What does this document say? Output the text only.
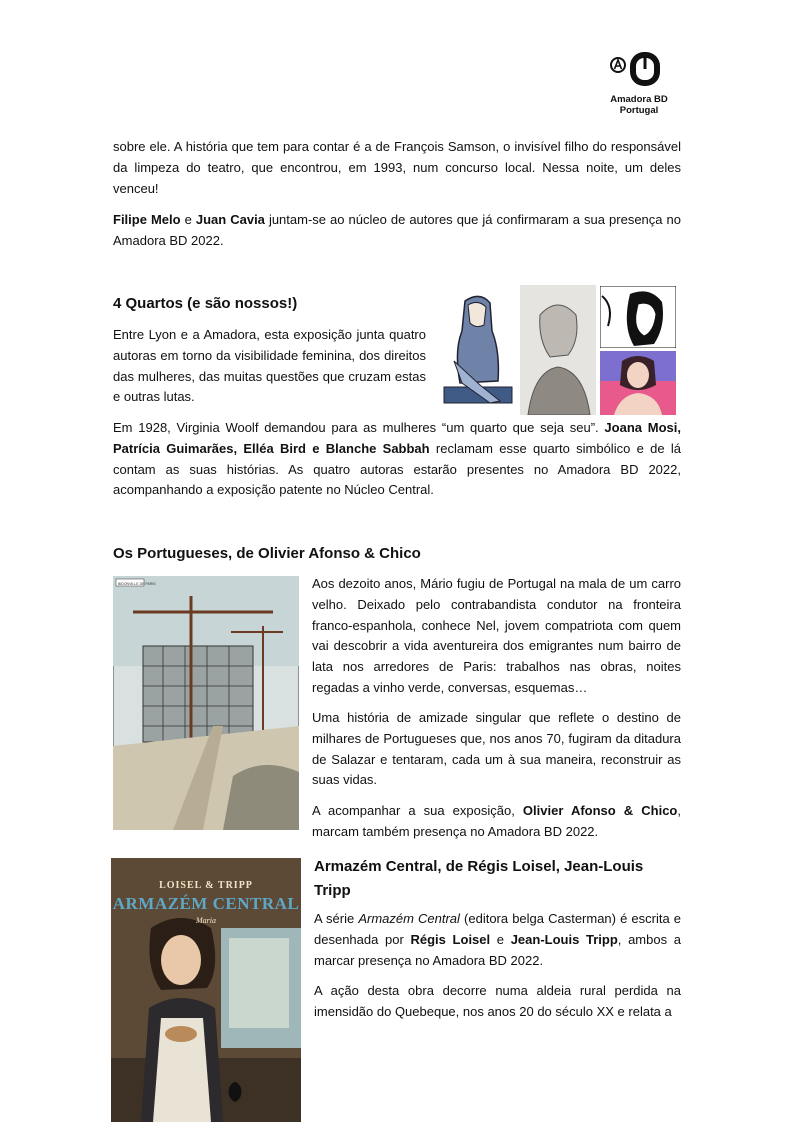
Amadora BD
Portugal

sobre ele. A história que tem para contar é a de François Samson, o invisível filho do responsável da limpeza do teatro, que encontrou, em 1993, num concurso local. Nessa noite, um deles venceu!

Filipe Melo e Juan Cavia juntam-se ao núcleo de autores que já confirmaram a sua presença no Amadora BD 2022.

4 Quartos (e são nossos!)

Entre Lyon e a Amadora, esta exposição junta quatro autoras em torno da visibilidade feminina, dos direitos das mulheres, das muitas questões que cruzam estas e outras lutas.

Em 1928, Virginia Woolf demandou para as mulheres “um quarto que seja seu”. Joana Mosi, Patrícia Guimarães, Elléa Bird e Blanche Sabbah reclamam esse quarto simbólico e de lá contam as suas histórias. As quatro autoras estarão presentes no Amadora BD 2022, acompanhando a exposição patente no Núcleo Central.

Os Portugueses, de Olivier Afonso & Chico
BIDONVILLE DE PARIS	Aos dezoito anos, Mário fugiu de Portugal na mala de um carro velho. Deixado pelo contrabandista condutor na fronteira franco-espanhola, conhece Nel, jovem compatriota com quem vai descobrir a vida aventureira dos emigrantes num bairro de lata nos arredores de Paris: trabalhos nas obras, noites regadas a vinho verde, conversas, esquemas…

Uma história de amizade singular que reflete o destino de milhares de Portugueses que, nos anos 70, fugiram da ditadura de Salazar e tentaram, cada um à sua maneira, reconstruir as suas vidas.

A acompanhar a sua exposição, Olivier Afonso & Chico, marcam também presença no Amadora BD 2022.

LOISEL & TRIPP
ARMAZÉM CENTRAL
Maria
Armazém Central, de Régis Loisel, Jean-Louis Tripp

A série Armazém Central (editora belga Casterman) é escrita e desenhada por Régis Loisel e Jean-Louis Tripp, ambos a marcar presença no Amadora BD 2022.

A ação desta obra decorre numa aldeia rural perdida na imensidão do Quebeque, nos anos 20 do século XX e relata a
